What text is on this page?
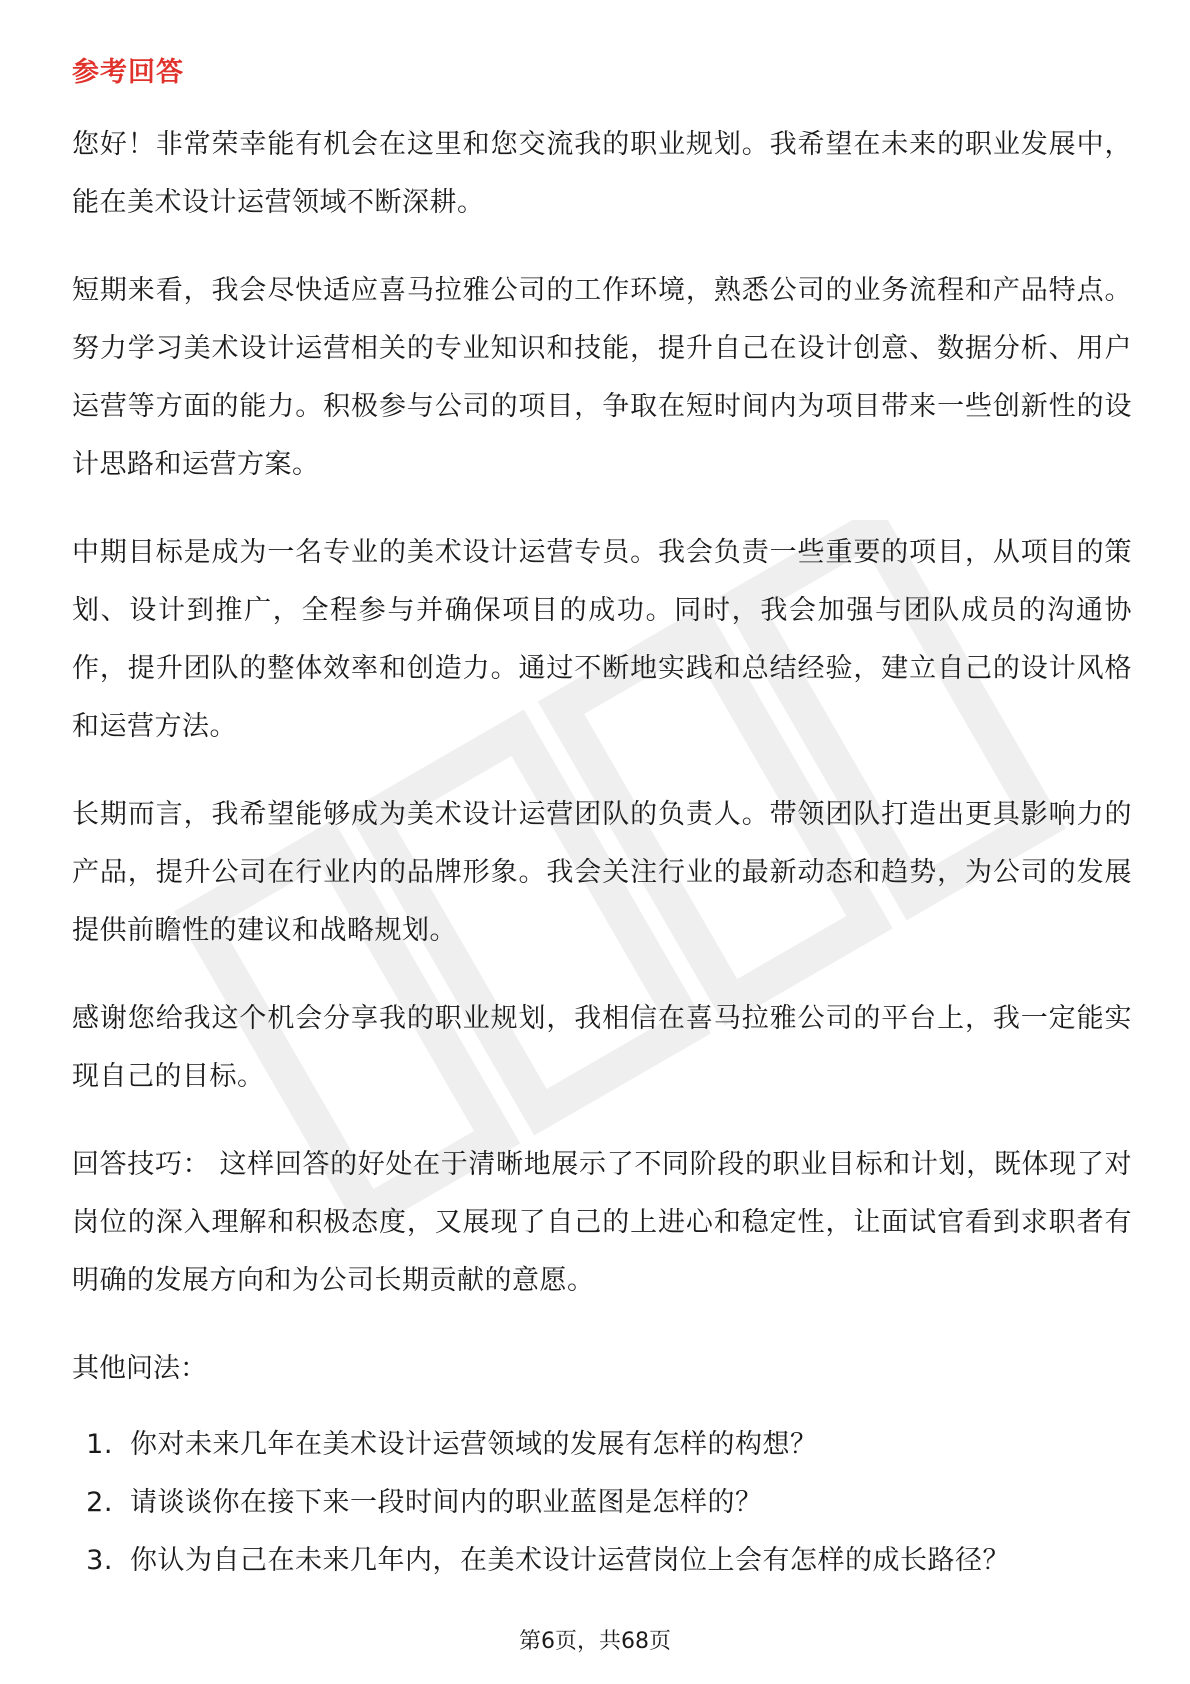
参考回答

您好！非常荣幸能有机会在这里和您交流我的职业规划。我希望在未来的职业发展中，能在美术设计运营领域不断深耕。

短期来看，我会尽快适应喜马拉雅公司的工作环境，熟悉公司的业务流程和产品特点。努力学习美术设计运营相关的专业知识和技能，提升自己在设计创意、数据分析、用户运营等方面的能力。积极参与公司的项目，争取在短时间内为项目带来一些创新性的设计思路和运营方案。

中期目标是成为一名专业的美术设计运营专员。我会负责一些重要的项目，从项目的策划、设计到推广，全程参与并确保项目的成功。同时，我会加强与团队成员的沟通协作，提升团队的整体效率和创造力。通过不断地实践和总结经验，建立自己的设计风格和运营方法。

长期而言，我希望能够成为美术设计运营团队的负责人。带领团队打造出更具影响力的产品，提升公司在行业内的品牌形象。我会关注行业的最新动态和趋势，为公司的发展提供前瞻性的建议和战略规划。

感谢您给我这个机会分享我的职业规划，我相信在喜马拉雅公司的平台上，我一定能实现自己的目标。

回答技巧： 这样回答的好处在于清晰地展示了不同阶段的职业目标和计划，既体现了对岗位的深入理解和积极态度，又展现了自己的上进心和稳定性，让面试官看到求职者有明确的发展方向和为公司长期贡献的意愿。

其他问法：
1. 你对未来几年在美术设计运营领域的发展有怎样的构想？
2. 请谈谈你在接下来一段时间内的职业蓝图是怎样的？
3. 你认为自己在未来几年内，在美术设计运营岗位上会有怎样的成长路径？
第6页，共68页
